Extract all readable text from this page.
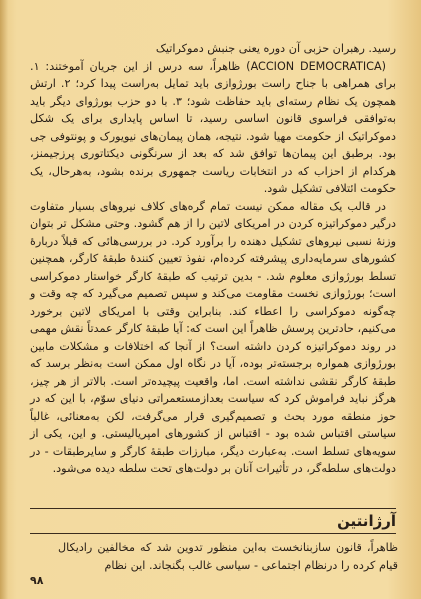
رسید. رهبران حزبی آن دوره یعنی جنبش دموکراتیک

(ACCION DEMOCRATICA) ظاهراً، سه درس از این جریان آموختند: ۱. برای همراهی با جناح راست بورژوازی باید تمایل به‌راست پیدا کرد؛ ۲. ارتش همچون یک نظام رسته‌ای باید حفاظت شود؛ ۳. با دو حزب بورژوای دیگر باید به‌توافقی فراسوی قانون اساسی رسید، تا اساس پایداری برای یک شکل دموکراتیک از حکومت مهیا شود. نتیجه، همان پیمان‌های نیویورک و پونتوفی جی بود. برطبق این پیمان‌ها توافق شد که بعد از سرنگونی دیکتاتوری پرزجیمنز، هرکدام از احزاب که در انتخابات ریاست جمهوری برنده بشود، به‌هرحال، یک حکومت ائتلافی تشکیل شود.

در قالب یک مقاله ممکن نیست تمام گره‌های کلاف نیروهای بسیار متفاوت درگیر دموکراتیزه کردن در امریکای لاتین را از هم گشود. وحتی مشکل تر بتوان وزنهٔ نسبی نیروهای تشکیل دهنده را برآورد کرد. در بررسی‌هائی که قبلاً دربارهٔ کشورهای سرمایه‌داری پیشرفته کرده‌ام، نفوذ تعیین کنندهٔ طبقهٔ کارگر، همچنین تسلط بورژوازی معلوم شد. - بدین ترتیب که طبقهٔ کارگر خواستار دموکراسی است؛ بورژوازی نخست مقاومت می‌کند و سپس تصمیم می‌گیرد که چه وقت و چه‌گونه دموکراسی را اعطاء کند. بنابراین وقتی با امریکای لاتین برخورد می‌کنیم، حادترین پرسش ظاهراً این است که: آیا طبقهٔ کارگر عمدتاً نقش مهمی در روند دموکراتیزه کردن داشته است؟ از آنجا که اختلافات و مشکلات مابین بورژوازی همواره برجسته‌تر بوده، آیا در نگاه اول ممکن است به‌نظر برسد که طبقهٔ کارگر نقشی نداشته است. اما، واقعیت پیچیده‌تر است. بالاتر از هر چیز، هرگز نباید فراموش کرد که سیاست بعدازمستعمراتی دنیای سوّم، با این که در حوز منطقه مورد بحث و تصمیم‌گیری قرار می‌گرفت، لکن به‌معنائی، غالباً سیاستی اقتباس شده بود - اقتباس از کشورهای امپریالیستی. و این، یکی از سویه‌های تسلط است. به‌عبارت دیگر، مبارزات طبقهٔ کارگر و سایرطبقات - در دولت‌های سلطه‌گر، در تأثیرات آنان بر دولت‌های تحت سلطه دیده می‌شود.

آرژانتین

ظاهراً، قانون سازبنانخست به‌این منظور تدوین شد که مخالفین رادیکال قیام کرده را درنظام اجتماعی - سیاسی غالب بگنجاند. این نظام

۹۸
